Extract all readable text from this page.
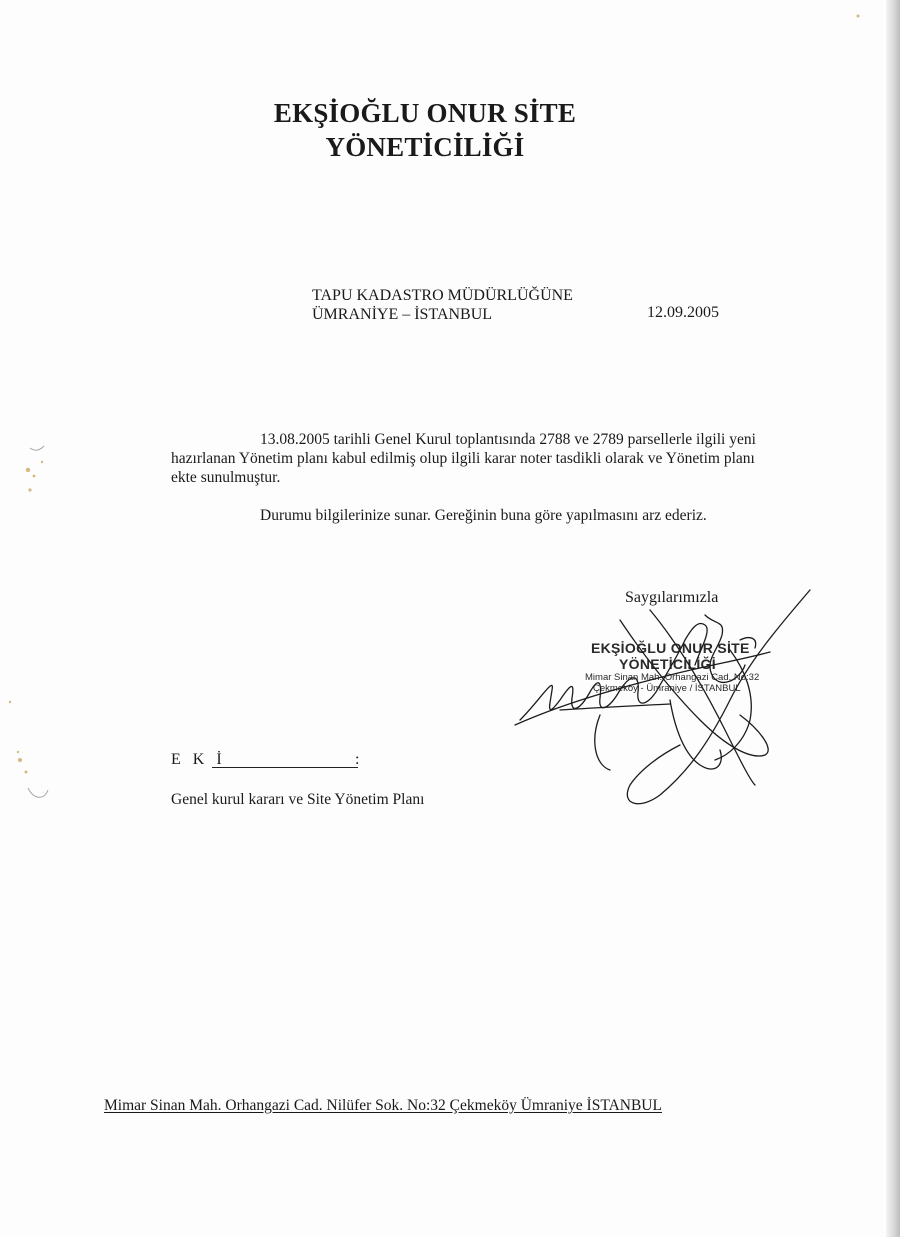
EKŞİOĞLU ONUR SİTE
YÖNETİCİLİĞİ
TAPU KADASTRO MÜDÜRLÜĞÜNE
ÜMRANİYE – İSTANBUL	12.09.2005

13.08.2005 tarihli Genel Kurul toplantısında 2788 ve 2789 parsellerle ilgili yeni hazırlanan Yönetim planı kabul edilmiş olup ilgili karar noter tasdikli olarak ve Yönetim planı ekte sunulmuştur.

Durumu bilgilerinize sunar. Gereğinin buna göre yapılmasını arz ederiz.

Saygılarımızla
EKŞİOĞLU ONUR SİTE
YÖNETİCİLİĞİ
Mimar Sinan Mah. Orhangazi Cad. No:32
Çekmeköy - Ümraniye / İSTANBUL
E K İ	:
Genel kurul kararı ve Site Yönetim Planı
Mimar Sinan Mah. Orhangazi Cad. Nilüfer Sok. No:32 Çekmeköy Ümraniye İSTANBUL
